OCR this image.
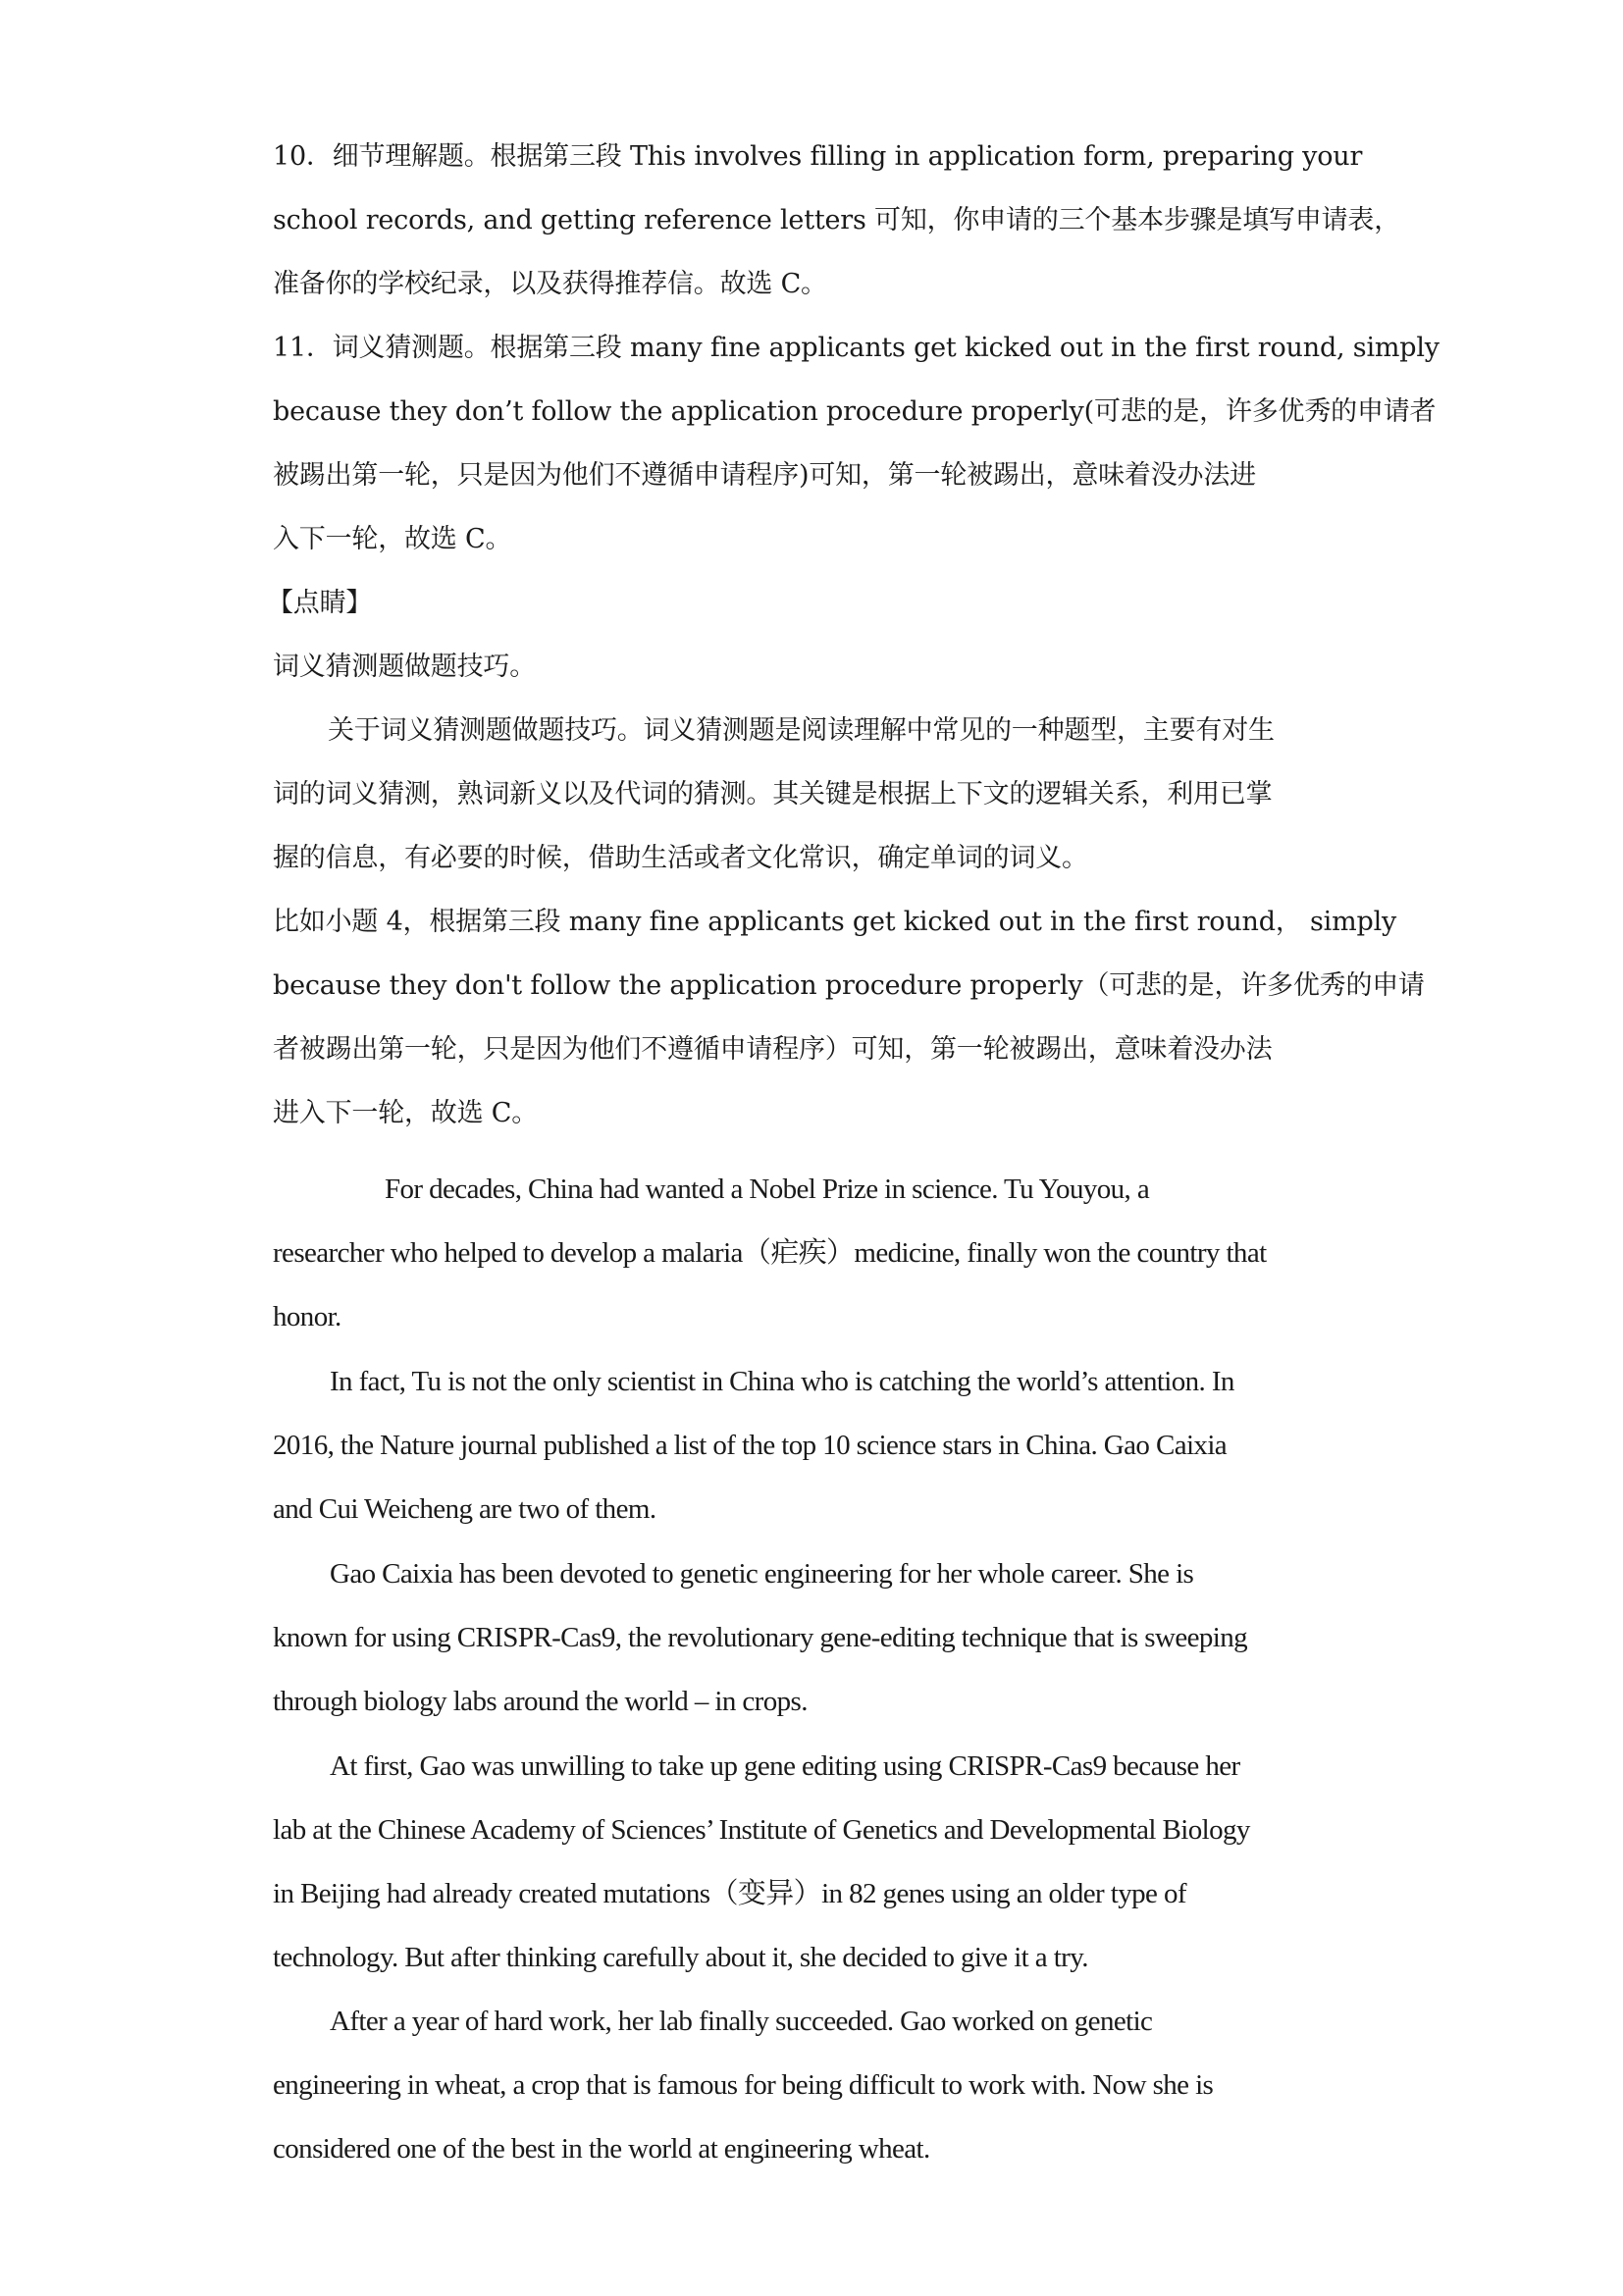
10．细节理解题。根据第三段 This involves filling in application form, preparing your
school records, and getting reference letters 可知，你申请的三个基本步骤是填写申请表，
准备你的学校纪录，以及获得推荐信。故选 C。
11．词义猜测题。根据第三段 many fine applicants get kicked out in the first round, simply
because they don’t follow the application procedure properly(可悲的是，许多优秀的申请者
被踢出第一轮，只是因为他们不遵循申请程序)可知，第一轮被踢出，意味着没办法进
入下一轮，故选 C。
【点睛】
词义猜测题做题技巧。
关于词义猜测题做题技巧。词义猜测题是阅读理解中常见的一种题型，主要有对生
词的词义猜测，熟词新义以及代词的猜测。其关键是根据上下文的逻辑关系，利用已掌
握的信息，有必要的时候，借助生活或者文化常识，确定单词的词义。
比如小题 4，根据第三段 many fine applicants get kicked out in the first round， simply
because they don't follow the application procedure properly（可悲的是，许多优秀的申请
者被踢出第一轮，只是因为他们不遵循申请程序）可知，第一轮被踢出，意味着没办法
进入下一轮，故选 C。
For decades, China had wanted a Nobel Prize in science. Tu Youyou, a
researcher who helped to develop a malaria（疟疾）medicine, finally won the country that
honor.
In fact, Tu is not the only scientist in China who is catching the world’s attention. In
2016, the Nature journal published a list of the top 10 science stars in China. Gao Caixia
and Cui Weicheng are two of them.
Gao Caixia has been devoted to genetic engineering for her whole career. She is
known for using CRISPR-Cas9, the revolutionary gene-editing technique that is sweeping
through biology labs around the world – in crops.
At first, Gao was unwilling to take up gene editing using CRISPR-Cas9 because her
lab at the Chinese Academy of Sciences’ Institute of Genetics and Developmental Biology
in Beijing had already created mutations（变异）in 82 genes using an older type of
technology. But after thinking carefully about it, she decided to give it a try.
After a year of hard work, her lab finally succeeded. Gao worked on genetic
engineering in wheat, a crop that is famous for being difficult to work with. Now she is
considered one of the best in the world at engineering wheat.
